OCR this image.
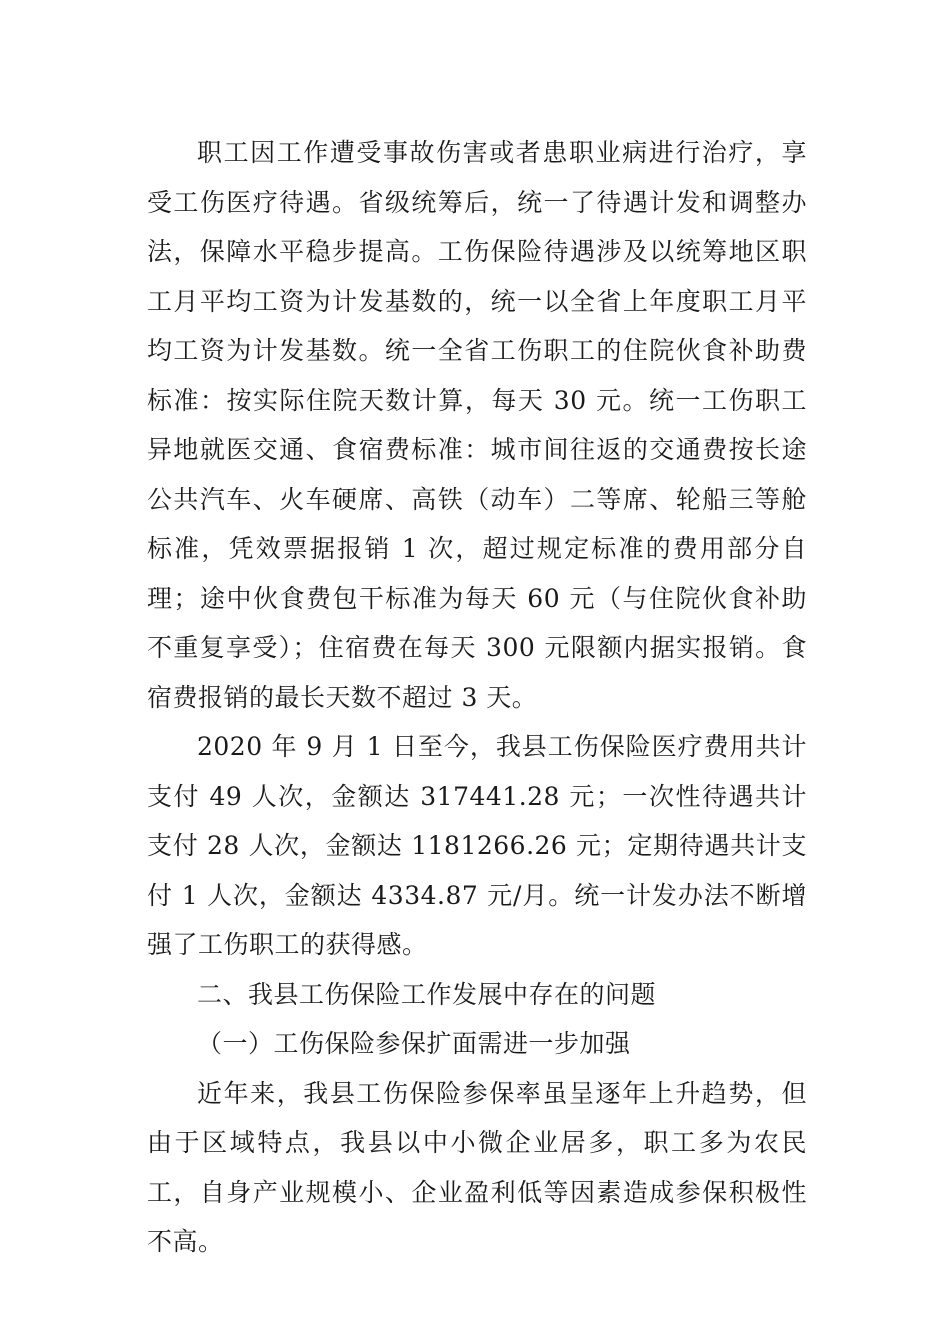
职工因工作遭受事故伤害或者患职业病进行治疗，享受工伤医疗待遇。省级统筹后，统一了待遇计发和调整办法，保障水平稳步提高。工伤保险待遇涉及以统筹地区职工月平均工资为计发基数的，统一以全省上年度职工月平均工资为计发基数。统一全省工伤职工的住院伙食补助费标准：按实际住院天数计算，每天 30 元。统一工伤职工异地就医交通、食宿费标准：城市间往返的交通费按长途公共汽车、火车硬席、高铁（动车）二等席、轮船三等舱标准，凭效票据报销 1 次，超过规定标准的费用部分自理；途中伙食费包干标准为每天 60 元（与住院伙食补助不重复享受）；住宿费在每天 300 元限额内据实报销。食宿费报销的最长天数不超过 3 天。

2020 年 9 月 1 日至今，我县工伤保险医疗费用共计支付 49 人次，金额达 317441.28 元；一次性待遇共计支付 28 人次，金额达 1181266.26 元；定期待遇共计支付 1 人次，金额达 4334.87 元/月。统一计发办法不断增强了工伤职工的获得感。

二、我县工伤保险工作发展中存在的问题

（一）工伤保险参保扩面需进一步加强

近年来，我县工伤保险参保率虽呈逐年上升趋势，但由于区域特点，我县以中小微企业居多，职工多为农民工，自身产业规模小、企业盈利低等因素造成参保积极性不高。
